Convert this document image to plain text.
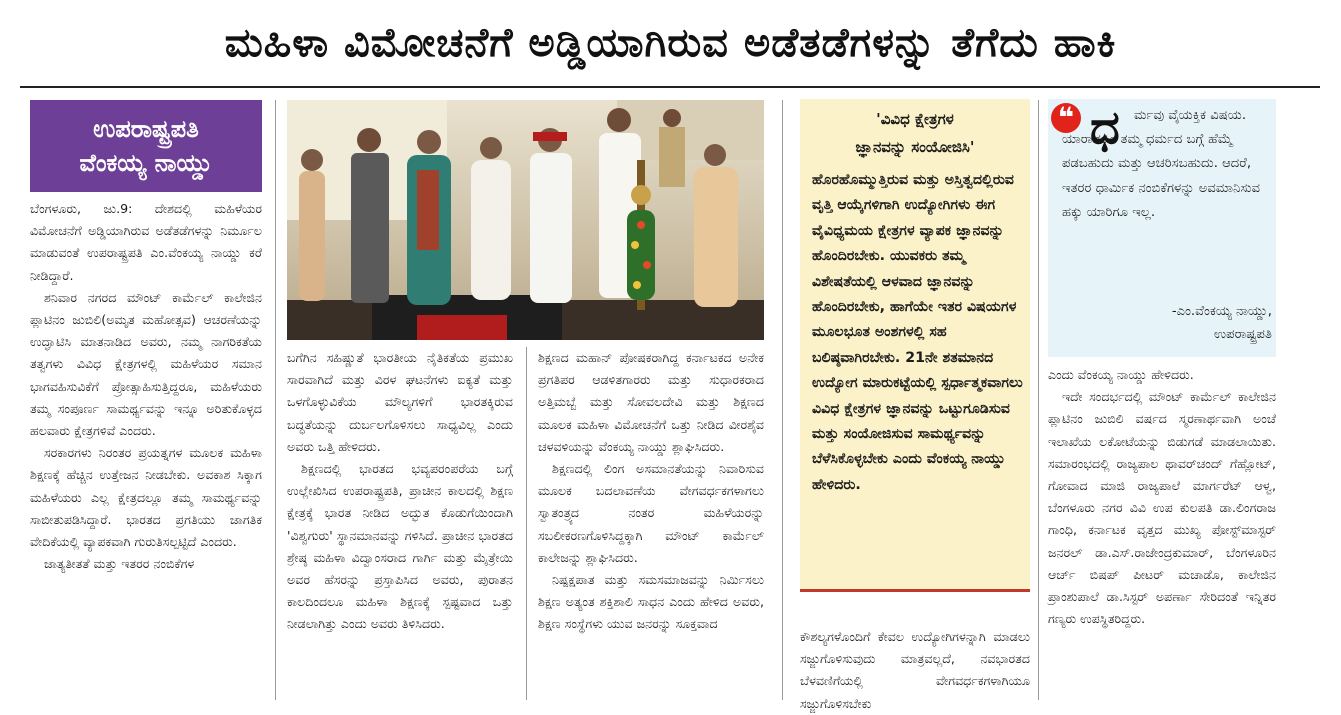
ಮಹಿಳಾ ವಿಮೋಚನೆಗೆ ಅಡ್ಡಿಯಾಗಿರುವ ಅಡೆತಡೆಗಳನ್ನು ತೆಗೆದು ಹಾಕಿ
ಉಪರಾಷ್ಟ್ರಪತಿ
ವೆಂಕಯ್ಯ ನಾಯ್ಡು

ಬೆಂಗಳೂರು, ಜು.9: ದೇಶದಲ್ಲಿ ಮಹಿಳೆಯರ ವಿಮೋಚನೆಗೆ ಅಡ್ಡಿಯಾಗಿರುವ ಅಡೆತಡೆಗಳನ್ನು ನಿರ್ಮೂಲ ಮಾಡುವಂತೆ ಉಪರಾಷ್ಟ್ರಪತಿ ಎಂ.ವೆಂಕಯ್ಯ ನಾಯ್ಡು ಕರೆ ನೀಡಿದ್ದಾರೆ.

ಶನಿವಾರ ನಗರದ ಮೌಂಟ್ ಕಾರ್ಮೆಲ್ ಕಾಲೇಜಿನ ಪ್ಲಾಟಿನಂ ಜುಬಿಲಿ(ಅಮೃತ ಮಹೋತ್ಸವ) ಆಚರಣೆಯನ್ನು ಉದ್ಘಾಟಿಸಿ ಮಾತನಾಡಿದ ಅವರು, ನಮ್ಮ ನಾಗರಿಕತೆಯ ತತ್ವಗಳು ವಿವಿಧ ಕ್ಷೇತ್ರಗಳಲ್ಲಿ ಮಹಿಳೆಯರ ಸಮಾನ ಭಾಗವಹಿಸುವಿಕೆಗೆ ಪ್ರೋತ್ಸಾಹಿಸುತ್ತಿದ್ದರೂ, ಮಹಿಳೆಯರು ತಮ್ಮ ಸಂಪೂರ್ಣ ಸಾಮರ್ಥ್ಯವನ್ನು ಇನ್ನೂ ಅರಿತುಕೊಳ್ಳದ ಹಲವಾರು ಕ್ಷೇತ್ರಗಳಿವೆ ಎಂದರು.

ಸರಕಾರಗಳು ನಿರಂತರ ಪ್ರಯತ್ನಗಳ ಮೂಲಕ ಮಹಿಳಾ ಶಿಕ್ಷಣಕ್ಕೆ ಹೆಚ್ಚಿನ ಉತ್ತೇಜನ ನೀಡಬೇಕು. ಅವಕಾಶ ಸಿಕ್ಕಾಗ ಮಹಿಳೆಯರು ಎಲ್ಲ ಕ್ಷೇತ್ರದಲ್ಲೂ ತಮ್ಮ ಸಾಮರ್ಥ್ಯವನ್ನು ಸಾಬೀತುಪಡಿಸಿದ್ದಾರೆ. ಭಾರತದ ಪ್ರಗತಿಯು ಜಾಗತಿಕ ವೇದಿಕೆಯಲ್ಲಿ ವ್ಯಾಪಕವಾಗಿ ಗುರುತಿಸಲ್ಪಟ್ಟಿದೆ ಎಂದರು.

ಜಾತ್ಯತೀತತೆ ಮತ್ತು ಇತರರ ನಂಬಿಕೆಗಳ

ಬಗೆಗಿನ ಸಹಿಷ್ಣುತೆ ಭಾರತೀಯ ನೈತಿಕತೆಯ ಪ್ರಮುಖ ಸಾರವಾಗಿದೆ ಮತ್ತು ವಿರಳ ಘಟನೆಗಳು ಐಕ್ಯತೆ ಮತ್ತು ಒಳಗೊಳ್ಳುವಿಕೆಯ ಮೌಲ್ಯಗಳಿಗೆ ಭಾರತಕ್ಕಿರುವ ಬದ್ಧತೆಯನ್ನು ದುರ್ಬಲಗೊಳಿಸಲು ಸಾಧ್ಯವಿಲ್ಲ ಎಂದು ಅವರು ಒತ್ತಿ ಹೇಳಿದರು.

ಶಿಕ್ಷಣದಲ್ಲಿ ಭಾರತದ ಭವ್ಯಪರಂಪರೆಯ ಬಗ್ಗೆ ಉಲ್ಲೇಖಿಸಿದ ಉಪರಾಷ್ಟ್ರಪತಿ, ಪ್ರಾಚೀನ ಕಾಲದಲ್ಲಿ ಶಿಕ್ಷಣ ಕ್ಷೇತ್ರಕ್ಕೆ ಭಾರತ ನೀಡಿದ ಅದ್ಭುತ ಕೊಡುಗೆಯಿಂದಾಗಿ 'ವಿಶ್ವಗುರು' ಸ್ಥಾನಮಾನವನ್ನು ಗಳಿಸಿದೆ. ಪ್ರಾಚೀನ ಭಾರತದ ಶ್ರೇಷ್ಠ ಮಹಿಳಾ ವಿದ್ವಾಂಸರಾದ ಗಾರ್ಗಿ ಮತ್ತು ಮೈತ್ರೇಯಿ ಅವರ ಹೆಸರನ್ನು ಪ್ರಸ್ತಾಪಿಸಿದ ಅವರು, ಪುರಾತನ ಕಾಲದಿಂದಲೂ ಮಹಿಳಾ ಶಿಕ್ಷಣಕ್ಕೆ ಸ್ಪಷ್ಟವಾದ ಒತ್ತು ನೀಡಲಾಗಿತ್ತು ಎಂದು ಅವರು ತಿಳಿಸಿದರು.

ಶಿಕ್ಷಣದ ಮಹಾನ್ ಪೋಷಕರಾಗಿದ್ದ ಕರ್ನಾಟಕದ ಅನೇಕ ಪ್ರಗತಿಪರ ಆಡಳಿತಗಾರರು ಮತ್ತು ಸುಧಾರಕರಾದ ಅತ್ತಿಮಬ್ಬೆ ಮತ್ತು ಸೋವಲದೇವಿ ಮತ್ತು ಶಿಕ್ಷಣದ ಮೂಲಕ ಮಹಿಳಾ ವಿಮೋಚನೆಗೆ ಒತ್ತು ನೀಡಿದ ವೀರಶೈವ ಚಳವಳಿಯನ್ನು ವೆಂಕಯ್ಯ ನಾಯ್ಡು ಶ್ಲಾಘಿಸಿದರು.

ಶಿಕ್ಷಣದಲ್ಲಿ ಲಿಂಗ ಅಸಮಾನತೆಯನ್ನು ನಿವಾರಿಸುವ ಮೂಲಕ ಬದಲಾವಣೆಯ ವೇಗವರ್ಧಕಗಳಾಗಲು ಸ್ವಾತಂತ್ರ್ಯದ ನಂತರ ಮಹಿಳೆಯರನ್ನು ಸಬಲೀಕರಣಗೊಳಿಸಿದ್ದಕ್ಕಾಗಿ ಮೌಂಟ್ ಕಾರ್ಮೆಲ್ ಕಾಲೇಜನ್ನು ಶ್ಲಾಘಿಸಿದರು.

ನಿಷ್ಪಕ್ಷಪಾತ ಮತ್ತು ಸಮಸಮಾಜವನ್ನು ನಿರ್ಮಿಸಲು ಶಿಕ್ಷಣ ಅತ್ಯಂತ ಶಕ್ತಿಶಾಲಿ ಸಾಧನ ಎಂದು ಹೇಳಿದ ಅವರು, ಶಿಕ್ಷಣ ಸಂಸ್ಥೆಗಳು ಯುವ ಜನರನ್ನು ಸೂಕ್ತವಾದ

'ವಿವಿಧ ಕ್ಷೇತ್ರಗಳ
ಜ್ಞಾನವನ್ನು ಸಂಯೋಜಿಸಿ'
ಹೊರಹೊಮ್ಮುತ್ತಿರುವ ಮತ್ತು ಅಸ್ತಿತ್ವದಲ್ಲಿರುವ ವೃತ್ತಿ ಆಯ್ಕೆಗಳಿಗಾಗಿ ಉದ್ಯೋಗಿಗಳು ಈಗ ವೈವಿಧ್ಯಮಯ ಕ್ಷೇತ್ರಗಳ ವ್ಯಾಪಕ ಜ್ಞಾನವನ್ನು ಹೊಂದಿರಬೇಕು. ಯುವಕರು ತಮ್ಮ ವಿಶೇಷತೆಯಲ್ಲಿ ಆಳವಾದ ಜ್ಞಾನವನ್ನು ಹೊಂದಿರಬೇಕು, ಹಾಗೆಯೇ ಇತರ ವಿಷಯಗಳ ಮೂಲಭೂತ ಅಂಶಗಳಲ್ಲಿ ಸಹ ಬಲಿಷ್ಠವಾಗಿರಬೇಕು. 21ನೇ ಶತಮಾನದ ಉದ್ಯೋಗ ಮಾರುಕಟ್ಟೆಯಲ್ಲಿ ಸ್ಪರ್ಧಾತ್ಮಕವಾಗಲು ವಿವಿಧ ಕ್ಷೇತ್ರಗಳ ಜ್ಞಾನವನ್ನು ಒಟ್ಟುಗೂಡಿಸುವ ಮತ್ತು ಸಂಯೋಜಿಸುವ ಸಾಮರ್ಥ್ಯವನ್ನು ಬೆಳೆಸಿಕೊಳ್ಳಬೇಕು ಎಂದು ವೆಂಕಯ್ಯ ನಾಯ್ಡು ಹೇಳಿದರು.

ಕೌಶಲ್ಯಗಳೊಂದಿಗೆ ಕೇವಲ ಉದ್ಯೋಗಿಗಳನ್ನಾಗಿ ಮಾಡಲು ಸಜ್ಜುಗೊಳಿಸುವುದು ಮಾತ್ರವಲ್ಲದೆ, ನವಭಾರತದ ಬೆಳವಣಿಗೆಯಲ್ಲಿ ವೇಗವರ್ಧಕಗಳಾಗಿಯೂ ಸಜ್ಜುಗೊಳಿಸಬೇಕು

❝ ಧ	ರ್ಮವು ವೈಯಕ್ತಿಕ ವಿಷಯ. ಯಾರಾದರೂ ತಮ್ಮ ಧರ್ಮದ ಬಗ್ಗೆ ಹೆಮ್ಮೆ ಪಡಬಹುದು ಮತ್ತು ಆಚರಿಸಬಹುದು. ಆದರೆ, ಇತರರ ಧಾರ್ಮಿಕ ನಂಬಿಕೆಗಳನ್ನು ಅವಮಾನಿಸುವ ಹಕ್ಕು ಯಾರಿಗೂ ಇಲ್ಲ.
-ಎಂ.ವೆಂಕಯ್ಯ ನಾಯ್ಡು,
ಉಪರಾಷ್ಟ್ರಪತಿ

ಎಂದು ವೆಂಕಯ್ಯ ನಾಯ್ಡು ಹೇಳಿದರು.

ಇದೇ ಸಂದರ್ಭದಲ್ಲಿ ಮೌಂಟ್ ಕಾರ್ಮೆಲ್ ಕಾಲೇಜಿನ ಪ್ಲಾಟಿನಂ ಜುಬಿಲಿ ವರ್ಷದ ಸ್ಮರಣಾರ್ಥವಾಗಿ ಅಂಚೆ ಇಲಾಖೆಯ ಲಕೋಟೆಯನ್ನು ಬಿಡುಗಡೆ ಮಾಡಲಾಯಿತು. ಸಮಾರಂಭದಲ್ಲಿ ರಾಜ್ಯಪಾಲ ಥಾವರ್‌ಚಂದ್ ಗೆಹ್ಲೋಟ್, ಗೋವಾದ ಮಾಜಿ ರಾಜ್ಯಪಾಲೆ ಮಾರ್ಗರೆಟ್ ಆಳ್ವ, ಬೆಂಗಳೂರು ನಗರ ವಿವಿ ಉಪ ಕುಲಪತಿ ಡಾ.ಲಿಂಗರಾಜ ಗಾಂಧಿ, ಕರ್ನಾಟಕ ವೃತ್ತದ ಮುಖ್ಯ ಪೋಸ್ಟ್‌ಮಾಸ್ಟರ್ ಜನರಲ್ ಡಾ.ಎಸ್.ರಾಜೇಂದ್ರಕುಮಾರ್, ಬೆಂಗಳೂರಿನ ಆರ್ಚ್ ಬಿಷಪ್ ಪೀಟರ್ ಮಚಾಡೊ, ಕಾಲೇಜಿನ ಪ್ರಾಂಶುಪಾಲೆ ಡಾ.ಸಿಸ್ಟರ್ ಅಪರ್ಣಾ ಸೇರಿದಂತೆ ಇನ್ನಿತರ ಗಣ್ಯರು ಉಪಸ್ಥಿತರಿದ್ದರು.
